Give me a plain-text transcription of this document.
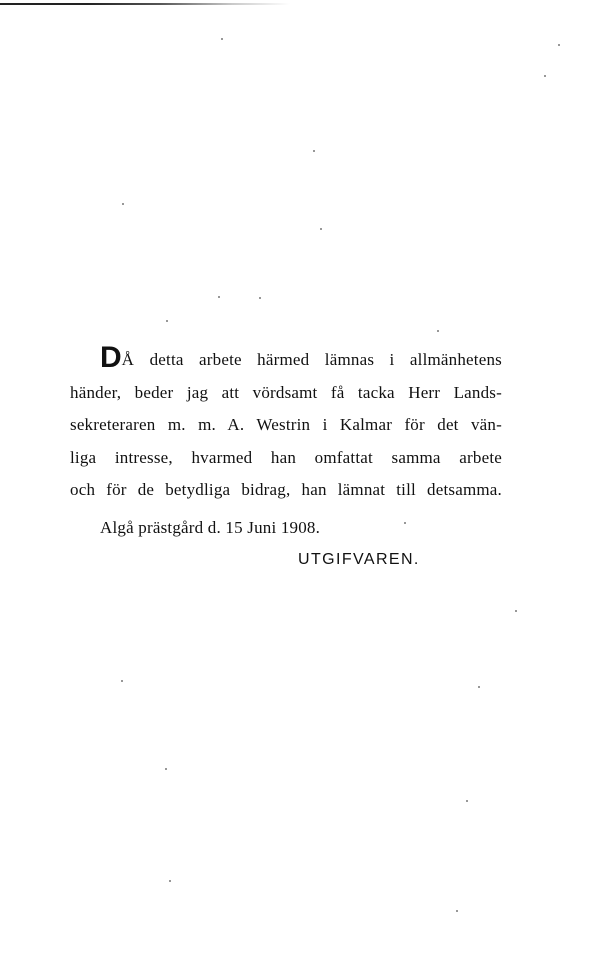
DÅ detta arbete härmed lämnas i allmänhetens
händer, beder jag att vördsamt få tacka Herr Lands-
sekreteraren m. m. A. Westrin i Kalmar för det vän-
liga intresse, hvarmed han omfattat samma arbete
och för de betydliga bidrag, han lämnat till detsamma.
Algå prästgård d. 15 Juni 1908.
UTGIFVAREN.
